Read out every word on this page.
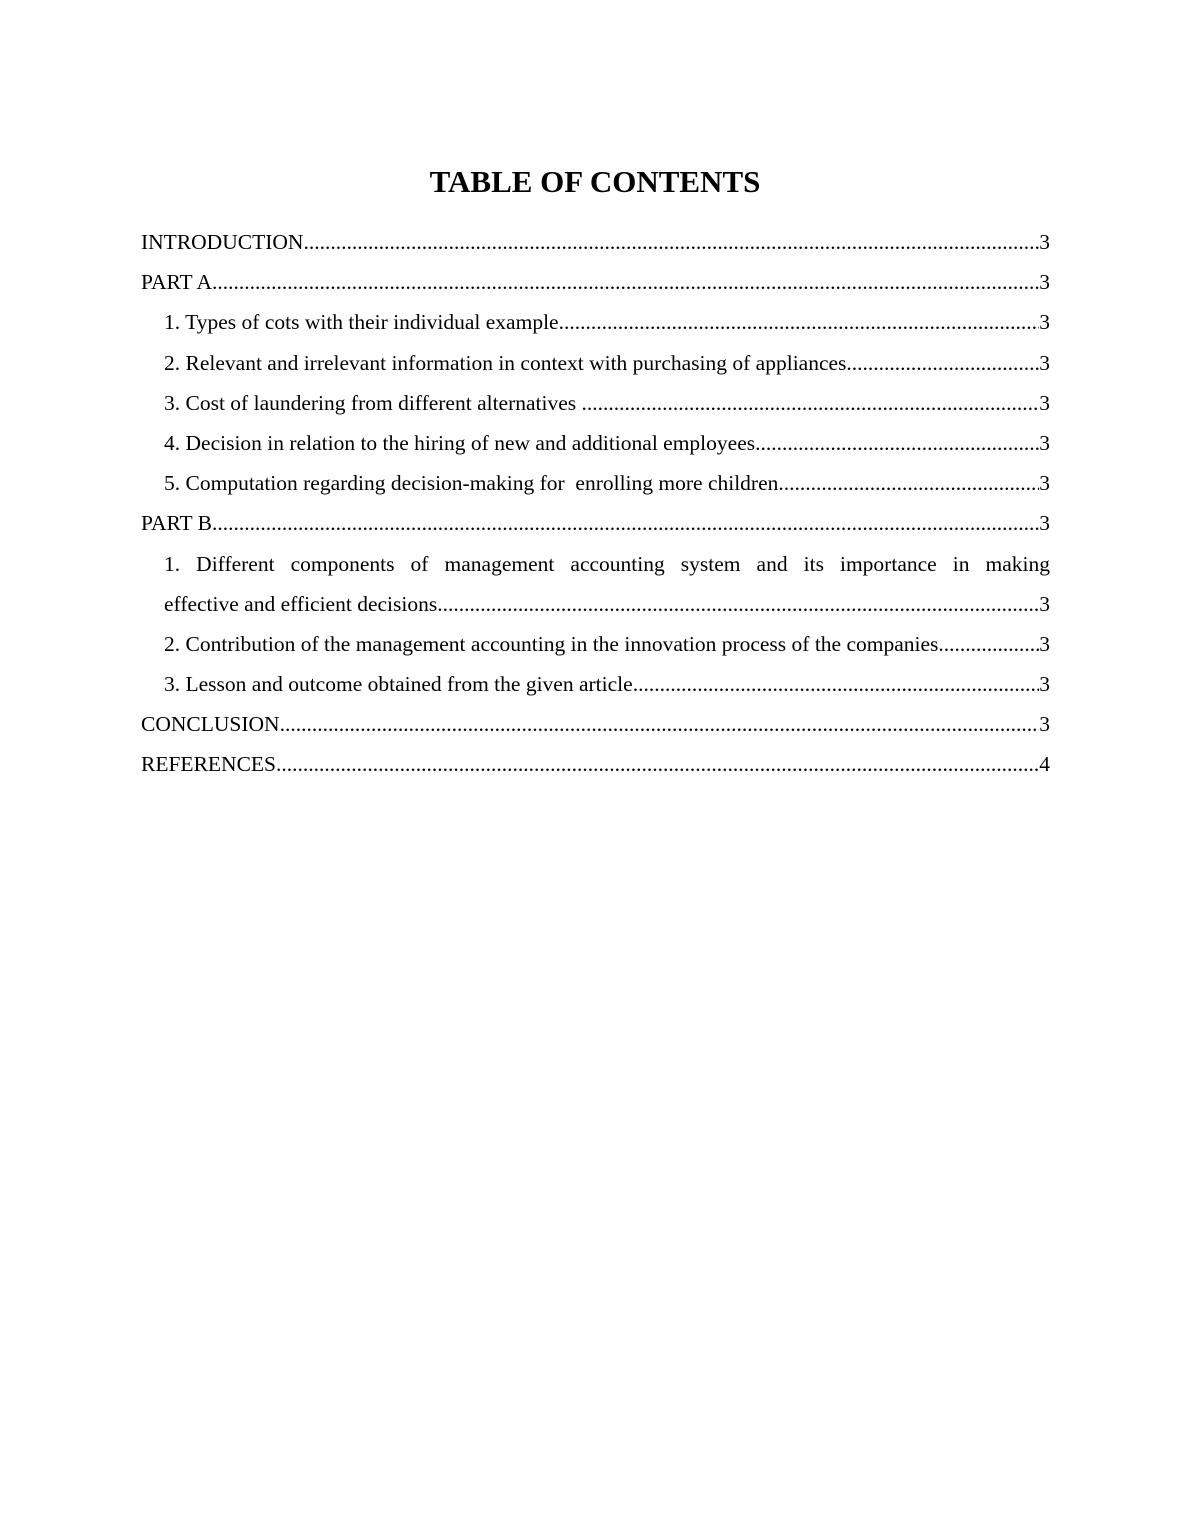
TABLE OF CONTENTS
INTRODUCTION .....	3
PART A .....	3
1. Types of cots with their individual example .....	3
2. Relevant and irrelevant information in context with purchasing of appliances .....	3
3. Cost of laundering from different alternatives .....	3
4. Decision in relation to the hiring of new and additional employees .....	3
5. Computation regarding decision-making for  enrolling more children .....	3
PART B .....	3
1. Different components of management accounting system and its importance in making
effective and efficient decisions .....	3
2. Contribution of the management accounting in the innovation process of the companies. .....	3
3. Lesson and outcome obtained from the given article .....	3
CONCLUSION .....	3
REFERENCES .....	4
